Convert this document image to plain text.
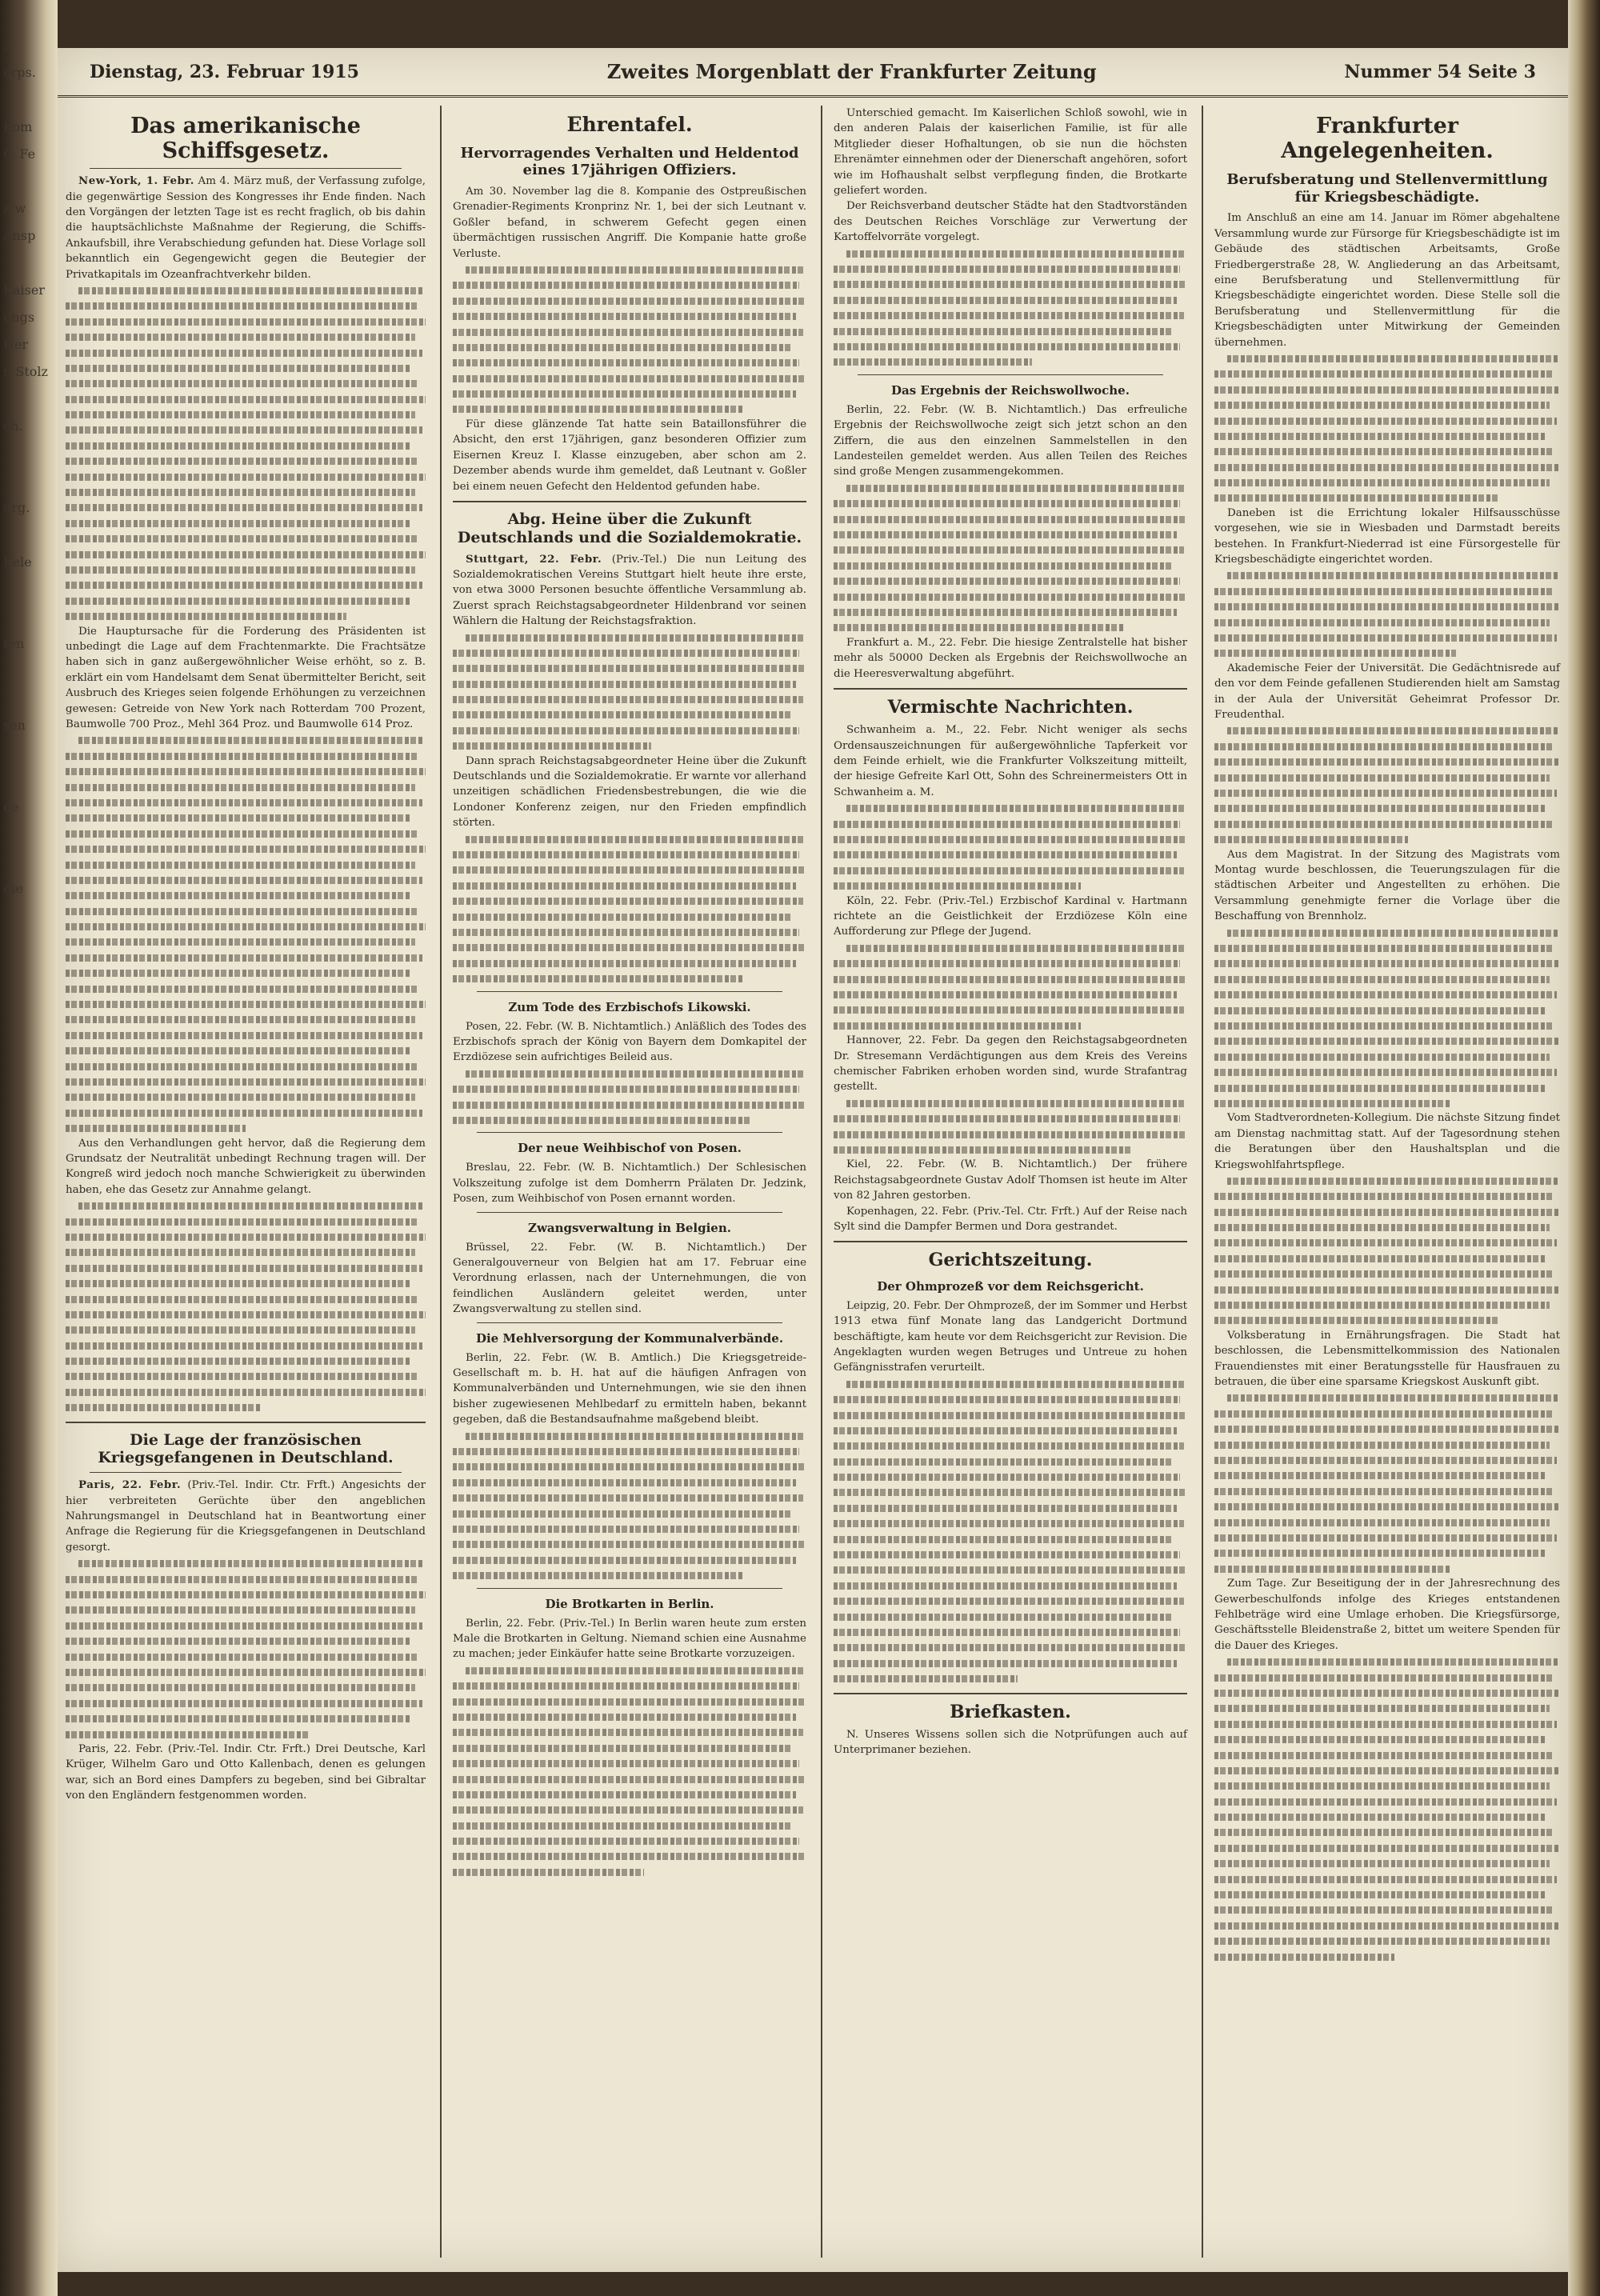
3
orps.

Kom
6. Fe

a w
Ansp

Kaiser
ungs
Her
n Stolz

ch.

urg.

Kele

ten

sen

de

die

Dienstag, 23. Februar 1915	Zweites Morgenblatt der Frankfurter Zeitung	Nummer 54 Seite 3
Das amerikanische Schiffsgesetz.

New-York, 1. Febr. Am 4. März muß, der Verfassung zufolge, die gegenwärtige Session des Kongresses ihr Ende finden. Nach den Vorgängen der letzten Tage ist es recht fraglich, ob bis dahin die hauptsächlichste Maßnahme der Regierung, die Schiffs-Ankaufsbill, ihre Verabschiedung gefunden hat. Diese Vorlage soll bekanntlich ein Gegengewicht gegen die Beutegier der Privatkapitals im Ozeanfrachtverkehr bilden.

Die Hauptursache für die Forderung des Präsidenten ist unbedingt die Lage auf dem Frachtenmarkte. Die Frachtsätze haben sich in ganz außergewöhnlicher Weise erhöht, so z. B. erklärt ein vom Handelsamt dem Senat übermittelter Bericht, seit Ausbruch des Krieges seien folgende Erhöhungen zu verzeichnen gewesen: Getreide von New York nach Rotterdam 700 Prozent, Baumwolle 700 Proz., Mehl 364 Proz. und Baumwolle 614 Proz.

Aus den Verhandlungen geht hervor, daß die Regierung dem Grundsatz der Neutralität unbedingt Rechnung tragen will. Der Kongreß wird jedoch noch manche Schwierigkeit zu überwinden haben, ehe das Gesetz zur Annahme gelangt.

Die Lage der französischen Kriegsgefangenen in Deutschland.

Paris, 22. Febr. (Priv.-Tel. Indir. Ctr. Frft.) Angesichts der hier verbreiteten Gerüchte über den angeblichen Nahrungsmangel in Deutschland hat in Beantwortung einer Anfrage die Regierung für die Kriegsgefangenen in Deutschland gesorgt.

Paris, 22. Febr. (Priv.-Tel. Indir. Ctr. Frft.) Drei Deutsche, Karl Krüger, Wilhelm Garo und Otto Kallenbach, denen es gelungen war, sich an Bord eines Dampfers zu begeben, sind bei Gibraltar von den Engländern festgenommen worden.

Ehrentafel.
Hervorragendes Verhalten und Heldentod eines 17jährigen Offiziers.

Am 30. November lag die 8. Kompanie des Ostpreußischen Grenadier-Regiments Kronprinz Nr. 1, bei der sich Leutnant v. Goßler befand, in schwerem Gefecht gegen einen übermächtigen russischen Angriff. Die Kompanie hatte große Verluste.

Für diese glänzende Tat hatte sein Bataillonsführer die Absicht, den erst 17jährigen, ganz besonderen Offizier zum Eisernen Kreuz I. Klasse einzugeben, aber schon am 2. Dezember abends wurde ihm gemeldet, daß Leutnant v. Goßler bei einem neuen Gefecht den Heldentod gefunden habe.

Abg. Heine über die Zukunft Deutschlands und die Sozialdemokratie.

Stuttgart, 22. Febr. (Priv.-Tel.) Die nun Leitung des Sozialdemokratischen Vereins Stuttgart hielt heute ihre erste, von etwa 3000 Personen besuchte öffentliche Versammlung ab. Zuerst sprach Reichstagsabgeordneter Hildenbrand vor seinen Wählern die Haltung der Reichstagsfraktion.

Dann sprach Reichstagsabgeordneter Heine über die Zukunft Deutschlands und die Sozialdemokratie. Er warnte vor allerhand unzeitigen schädlichen Friedensbestrebungen, die wie die Londoner Konferenz zeigen, nur den Frieden empfindlich störten.

Zum Tode des Erzbischofs Likowski.

Posen, 22. Febr. (W. B. Nichtamtlich.) Anläßlich des Todes des Erzbischofs sprach der König von Bayern dem Domkapitel der Erzdiözese sein aufrichtiges Beileid aus.

Der neue Weihbischof von Posen.

Breslau, 22. Febr. (W. B. Nichtamtlich.) Der Schlesischen Volkszeitung zufolge ist dem Domherrn Prälaten Dr. Jedzink, Posen, zum Weihbischof von Posen ernannt worden.

Zwangsverwaltung in Belgien.

Brüssel, 22. Febr. (W. B. Nichtamtlich.) Der Generalgouverneur von Belgien hat am 17. Februar eine Verordnung erlassen, nach der Unternehmungen, die von feindlichen Ausländern geleitet werden, unter Zwangsverwaltung zu stellen sind.

Die Mehlversorgung der Kommunalverbände.

Berlin, 22. Febr. (W. B. Amtlich.) Die Kriegsgetreide-Gesellschaft m. b. H. hat auf die häufigen Anfragen von Kommunalverbänden und Unternehmungen, wie sie den ihnen bisher zugewiesenen Mehlbedarf zu ermitteln haben, bekannt gegeben, daß die Bestandsaufnahme maßgebend bleibt.

Die Brotkarten in Berlin.

Berlin, 22. Febr. (Priv.-Tel.) In Berlin waren heute zum ersten Male die Brotkarten in Geltung. Niemand schien eine Ausnahme zu machen; jeder Einkäufer hatte seine Brotkarte vorzuzeigen.

Unterschied gemacht. Im Kaiserlichen Schloß sowohl, wie in den anderen Palais der kaiserlichen Familie, ist für alle Mitglieder dieser Hofhaltungen, ob sie nun die höchsten Ehrenämter einnehmen oder der Dienerschaft angehören, sofort wie im Hofhaushalt selbst verpflegung finden, die Brotkarte geliefert worden.

Der Reichsverband deutscher Städte hat den Stadtvorständen des Deutschen Reiches Vorschläge zur Verwertung der Kartoffelvorräte vorgelegt.

Das Ergebnis der Reichswollwoche.

Berlin, 22. Febr. (W. B. Nichtamtlich.) Das erfreuliche Ergebnis der Reichswollwoche zeigt sich jetzt schon an den Ziffern, die aus den einzelnen Sammelstellen in den Landesteilen gemeldet werden. Aus allen Teilen des Reiches sind große Mengen zusammengekommen.

Frankfurt a. M., 22. Febr. Die hiesige Zentralstelle hat bisher mehr als 50000 Decken als Ergebnis der Reichswollwoche an die Heeresverwaltung abgeführt.

Vermischte Nachrichten.

Schwanheim a. M., 22. Febr. Nicht weniger als sechs Ordensauszeichnungen für außergewöhnliche Tapferkeit vor dem Feinde erhielt, wie die Frankfurter Volkszeitung mitteilt, der hiesige Gefreite Karl Ott, Sohn des Schreinermeisters Ott in Schwanheim a. M.

Köln, 22. Febr. (Priv.-Tel.) Erzbischof Kardinal v. Hartmann richtete an die Geistlichkeit der Erzdiözese Köln eine Aufforderung zur Pflege der Jugend.

Hannover, 22. Febr. Da gegen den Reichstagsabgeordneten Dr. Stresemann Verdächtigungen aus dem Kreis des Vereins chemischer Fabriken erhoben worden sind, wurde Strafantrag gestellt.

Kiel, 22. Febr. (W. B. Nichtamtlich.) Der frühere Reichstagsabgeordnete Gustav Adolf Thomsen ist heute im Alter von 82 Jahren gestorben.

Kopenhagen, 22. Febr. (Priv.-Tel. Ctr. Frft.) Auf der Reise nach Sylt sind die Dampfer Bermen und Dora gestrandet.

Gerichtszeitung.
Der Ohmprozeß vor dem Reichsgericht.

Leipzig, 20. Febr. Der Ohmprozeß, der im Sommer und Herbst 1913 etwa fünf Monate lang das Landgericht Dortmund beschäftigte, kam heute vor dem Reichsgericht zur Revision. Die Angeklagten wurden wegen Betruges und Untreue zu hohen Gefängnisstrafen verurteilt.

Briefkasten.

N. Unseres Wissens sollen sich die Notprüfungen auch auf Unterprimaner beziehen.

Frankfurter Angelegenheiten.
Berufsberatung und Stellenvermittlung für Kriegsbeschädigte.

Im Anschluß an eine am 14. Januar im Römer abgehaltene Versammlung wurde zur Fürsorge für Kriegsbeschädigte ist im Gebäude des städtischen Arbeitsamts, Große Friedbergerstraße 28, W. Angliederung an das Arbeitsamt, eine Berufsberatung und Stellenvermittlung für Kriegsbeschädigte eingerichtet worden. Diese Stelle soll die Berufsberatung und Stellenvermittlung für die Kriegsbeschädigten unter Mitwirkung der Gemeinden übernehmen.

Daneben ist die Errichtung lokaler Hilfsausschüsse vorgesehen, wie sie in Wiesbaden und Darmstadt bereits bestehen. In Frankfurt-Niederrad ist eine Fürsorgestelle für Kriegsbeschädigte eingerichtet worden.

Akademische Feier der Universität. Die Gedächtnisrede auf den vor dem Feinde gefallenen Studierenden hielt am Samstag in der Aula der Universität Geheimrat Professor Dr. Freudenthal.

Aus dem Magistrat. In der Sitzung des Magistrats vom Montag wurde beschlossen, die Teuerungszulagen für die städtischen Arbeiter und Angestellten zu erhöhen. Die Versammlung genehmigte ferner die Vorlage über die Beschaffung von Brennholz.

Vom Stadtverordneten-Kollegium. Die nächste Sitzung findet am Dienstag nachmittag statt. Auf der Tagesordnung stehen die Beratungen über den Haushaltsplan und die Kriegswohlfahrtspflege.

Volksberatung in Ernährungsfragen. Die Stadt hat beschlossen, die Lebensmittelkommission des Nationalen Frauendienstes mit einer Beratungsstelle für Hausfrauen zu betrauen, die über eine sparsame Kriegskost Auskunft gibt.

Zum Tage. Zur Beseitigung der in der Jahresrechnung des Gewerbeschulfonds infolge des Krieges entstandenen Fehlbeträge wird eine Umlage erhoben. Die Kriegsfürsorge, Geschäftsstelle Bleidenstraße 2, bittet um weitere Spenden für die Dauer des Krieges.
